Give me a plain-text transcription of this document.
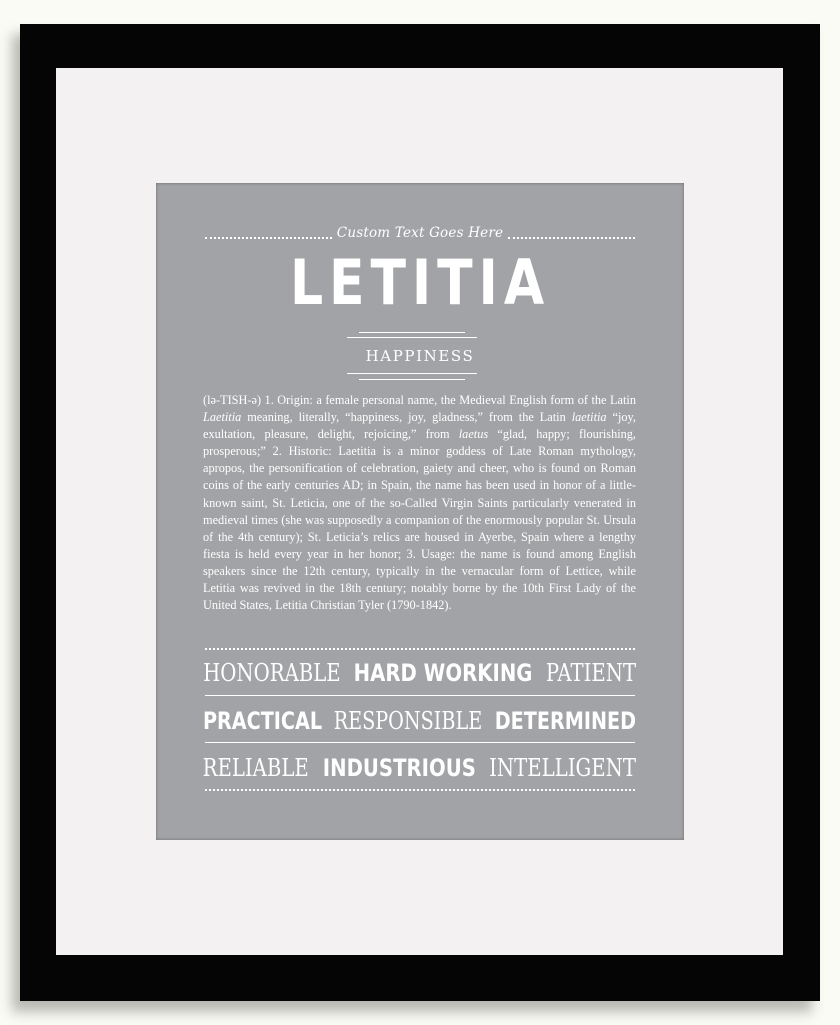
Custom Text Goes Here
LETITIA
HAPPINESS
(lə-TISH-ə) 1. Origin: a female personal name, the Medieval English form of the Latin Laetitia meaning, literally, “happiness, joy, gladness,” from the Latin laetitia “joy, exultation, pleasure, delight, rejoicing,” from laetus “glad, happy; flourishing, prosperous;” 2. Historic: Laetitia is a minor goddess of Late Roman mythology, apropos, the personification of celebration, gaiety and cheer, who is found on Roman coins of the early centuries AD; in Spain, the name has been used in honor of a little-known saint, St. Leticia, one of the so-Called Virgin Saints particularly venerated in medieval times (she was supposedly a companion of the enormously popular St. Ursula of the 4th century); St. Leticia’s relics are housed in Ayerbe, Spain where a lengthy fiesta is held every year in her honor; 3. Usage: the name is found among English speakers since the 12th century, typically in the vernacular form of Lettice, while Letitia was revived in the 18th century; notably borne by the 10th First Lady of the United States, Letitia Christian Tyler (1790-1842).
HONORABLE HARD WORKING PATIENT
PRACTICAL RESPONSIBLE DETERMINED
RELIABLE INDUSTRIOUS INTELLIGENT
